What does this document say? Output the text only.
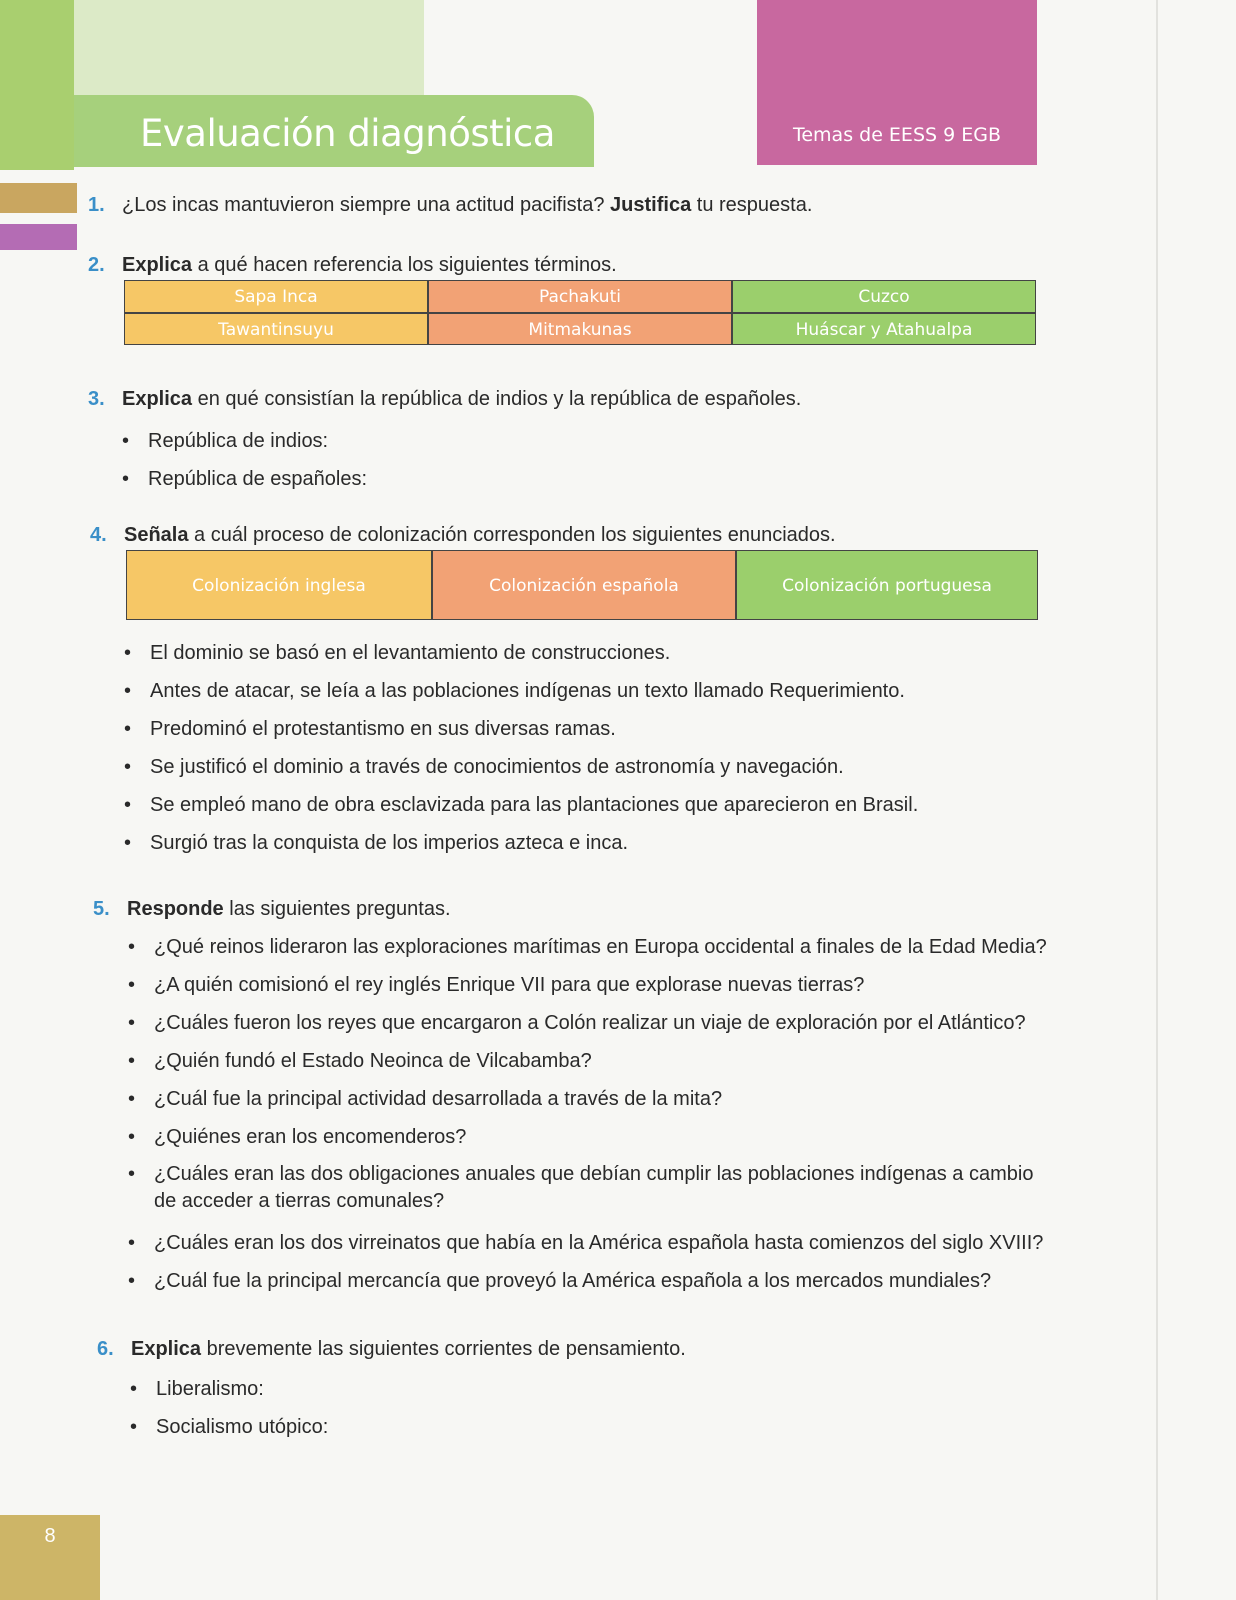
Evaluación diagnóstica	Temas de EESS 9 EGB
1. ¿Los incas mantuvieron siempre una actitud pacifista? Justifica tu respuesta.
2. Explica a qué hacen referencia los siguientes términos.
Sapa Inca	Pachakuti	Cuzco
Tawantinsuyu	Mitmakunas	Huáscar y Atahualpa
3. Explica en qué consistían la república de indios y la república de españoles.
• República de indios:
• República de españoles:
4. Señala a cuál proceso de colonización corresponden los siguientes enunciados.
Colonización inglesa	Colonización española	Colonización portuguesa
• El dominio se basó en el levantamiento de construcciones.
• Antes de atacar, se leía a las poblaciones indígenas un texto llamado Requerimiento.
• Predominó el protestantismo en sus diversas ramas.
• Se justificó el dominio a través de conocimientos de astronomía y navegación.
• Se empleó mano de obra esclavizada para las plantaciones que aparecieron en Brasil.
• Surgió tras la conquista de los imperios azteca e inca.
5. Responde las siguientes preguntas.
• ¿Qué reinos lideraron las exploraciones marítimas en Europa occidental a finales de la Edad Media?
• ¿A quién comisionó el rey inglés Enrique VII para que explorase nuevas tierras?
• ¿Cuáles fueron los reyes que encargaron a Colón realizar un viaje de exploración por el Atlántico?
• ¿Quién fundó el Estado Neoinca de Vilcabamba?
• ¿Cuál fue la principal actividad desarrollada a través de la mita?
• ¿Quiénes eran los encomenderos?
• ¿Cuáles eran las dos obligaciones anuales que debían cumplir las poblaciones indígenas a cambio de acceder a tierras comunales?
• ¿Cuáles eran los dos virreinatos que había en la América española hasta comienzos del siglo XVIII?
• ¿Cuál fue la principal mercancía que proveyó la América española a los mercados mundiales?
6. Explica brevemente las siguientes corrientes de pensamiento.
• Liberalismo:
• Socialismo utópico:
8
